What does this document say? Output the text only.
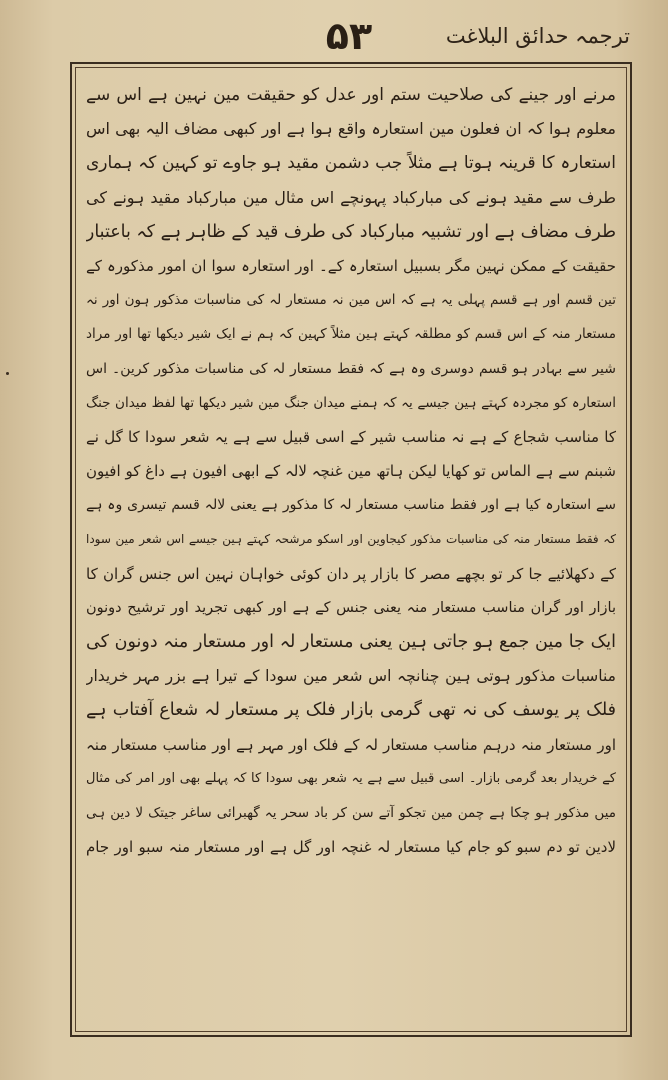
ترجمہ حدائق البلاغت
۵۳
مرنے اور جینے کی صلاحیت ستم اور عدل کو حقیقت مین نہین ہے اس سے
معلوم ہوا کہ ان فعلون مین استعارہ واقع ہوا ہے اور کبھی مضاف الیہ بھی اس
استعارہ کا قرینہ ہوتا ہے مثلاً جب دشمن مقید ہو جاوے تو کہین کہ ہماری
طرف سے مقید ہونے کی مبارکباد پہونچے اس مثال مین مبارکباد مقید ہونے کی
طرف مضاف ہے اور تشبیہ مبارکباد کی طرف قید کے ظاہر ہے کہ باعتبار
حقیقت کے ممکن نہین مگر بسبیل استعارہ کے۔ اور استعارہ سوا ان امور مذکورہ کے
تین قسم اور ہے قسم پہلی یہ ہے کہ اس مین نہ مستعار لہ کی مناسبات مذکور ہون اور نہ
مستعار منہ کے اس قسم کو مطلقہ کہتے ہین مثلاً کہین کہ ہم نے ایک شیر دیکھا تھا اور مراد
شیر سے بہادر ہو قسم دوسری وہ ہے کہ فقط مستعار لہ کی مناسبات مذکور کرین۔ اس
استعارہ کو مجردہ کہتے ہین جیسے یہ کہ ہمنے میدان جنگ مین شیر دیکھا تھا لفظ میدان جنگ
کا مناسب شجاع کے ہے نہ مناسب شیر کے اسی قبیل سے ہے یہ شعر سودا کا گل نے
شبنم سے ہے الماس تو کھایا لیکن ہاتھ مین غنچہ لالہ کے ابھی افیون ہے داغ کو افیون
سے استعارہ کیا ہے اور فقط مناسب مستعار لہ کا مذکور ہے یعنی لالہ قسم تیسری وہ ہے
کہ فقط مستعار منہ کی مناسبات مذکور کیجاوین اور اسکو مرشحہ کہتے ہین جیسے اس شعر مین سودا
کے دکھلائیے جا کر تو بچھے مصر کا بازار پر دان کوئی خواہان نہین اس جنس گران کا
بازار اور گران مناسب مستعار منہ یعنی جنس کے ہے اور کبھی تجرید اور ترشیح دونون
ایک جا مین جمع ہو جاتی ہین یعنی مستعار لہ اور مستعار منہ دونون کی
مناسبات مذکور ہوتی ہین چنانچہ اس شعر مین سودا کے تیرا ہے بزر مہر خریدار
فلک پر یوسف کی نہ تھی گرمی بازار فلک پر مستعار لہ شعاع آفتاب ہے
اور مستعار منہ درہم مناسب مستعار لہ کے فلک اور مہر ہے اور مناسب مستعار منہ
کے خریدار بعد گرمی بازار۔ اسی قبیل سے ہے یہ شعر بھی سودا کا کہ پہلے بھی اور امر کی مثال
میں مذکور ہو چکا ہے چمن مین تجکو آتے سن کر باد سحر یہ گھبرائی ساغر جیتک لا دین ہی
لادین تو دم سبو کو جام کیا مستعار لہ غنچہ اور گل ہے اور مستعار منہ سبو اور جام
